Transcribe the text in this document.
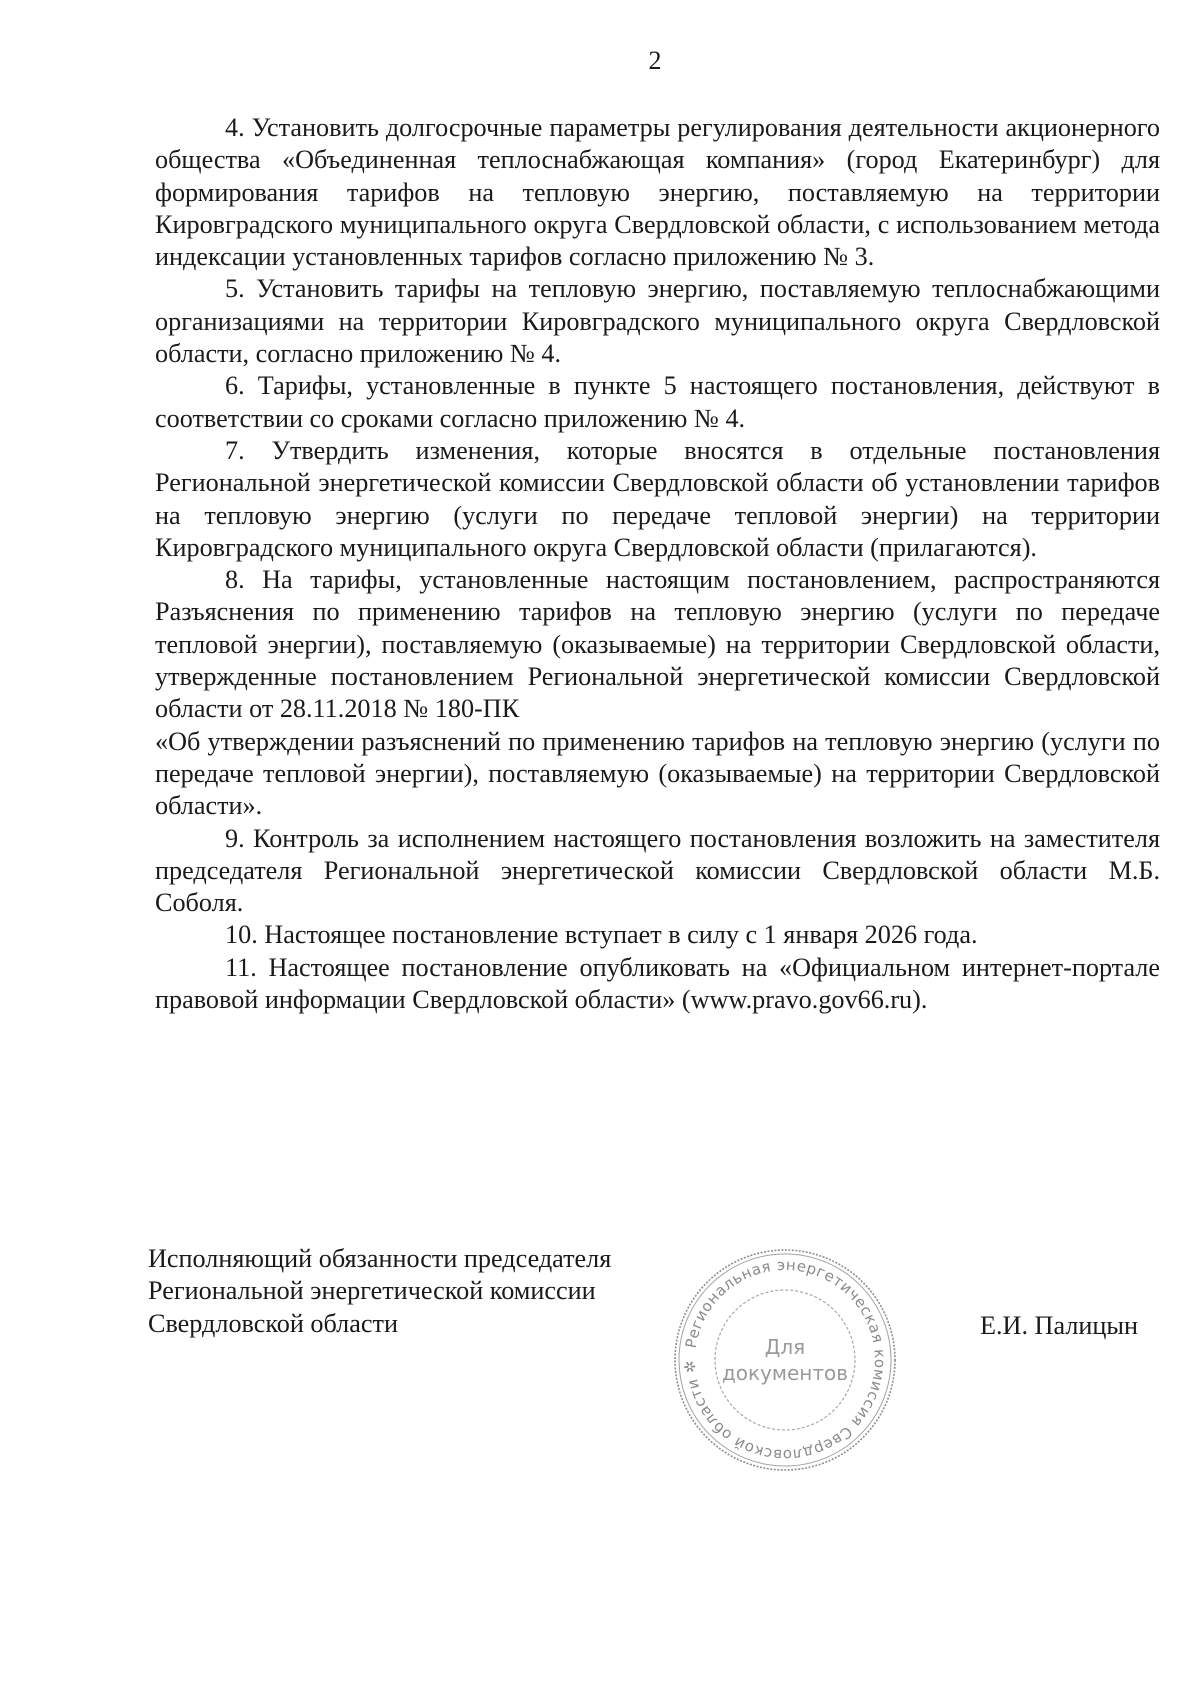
2

4. Установить долгосрочные параметры регулирования деятельности акционерного общества «Объединенная теплоснабжающая компания» (город Екатеринбург) для формирования тарифов на тепловую энергию, поставляемую на территории Кировградского муниципального округа Свердловской области, с использованием метода индексации установленных тарифов согласно приложению № 3.

5. Установить тарифы на тепловую энергию, поставляемую теплоснабжающими организациями на территории Кировградского муниципального округа Свердловской области, согласно приложению № 4.

6. Тарифы, установленные в пункте 5 настоящего постановления, действуют в соответствии со сроками согласно приложению № 4.

7. Утвердить изменения, которые вносятся в отдельные постановления Региональной энергетической комиссии Свердловской области об установлении тарифов на тепловую энергию (услуги по передаче тепловой энергии) на территории Кировградского муниципального округа Свердловской области (прилагаются).

8. На тарифы, установленные настоящим постановлением, распространяются Разъяснения по применению тарифов на тепловую энергию (услуги по передаче тепловой энергии), поставляемую (оказываемые) на территории Свердловской области, утвержденные постановлением Региональной энергетической комиссии Свердловской области от 28.11.2018 № 180-ПК

«Об утверждении разъяснений по применению тарифов на тепловую энергию (услуги по передаче тепловой энергии), поставляемую (оказываемые) на территории Свердловской области».

9. Контроль за исполнением настоящего постановления возложить на заместителя председателя Региональной энергетической комиссии Свердловской области М.Б. Соболя.

10. Настоящее постановление вступает в силу с 1 января 2026 года.

11. Настоящее постановление опубликовать на «Официальном интернет-портале правовой информации Свердловской области» (www.pravo.gov66.ru).

Исполняющий обязанности председателя
Региональной энергетической комиссии
Свердловской области
Региональная энергетическая комиссия Свердловской области ✲
Для
документов
Е.И. Палицын
